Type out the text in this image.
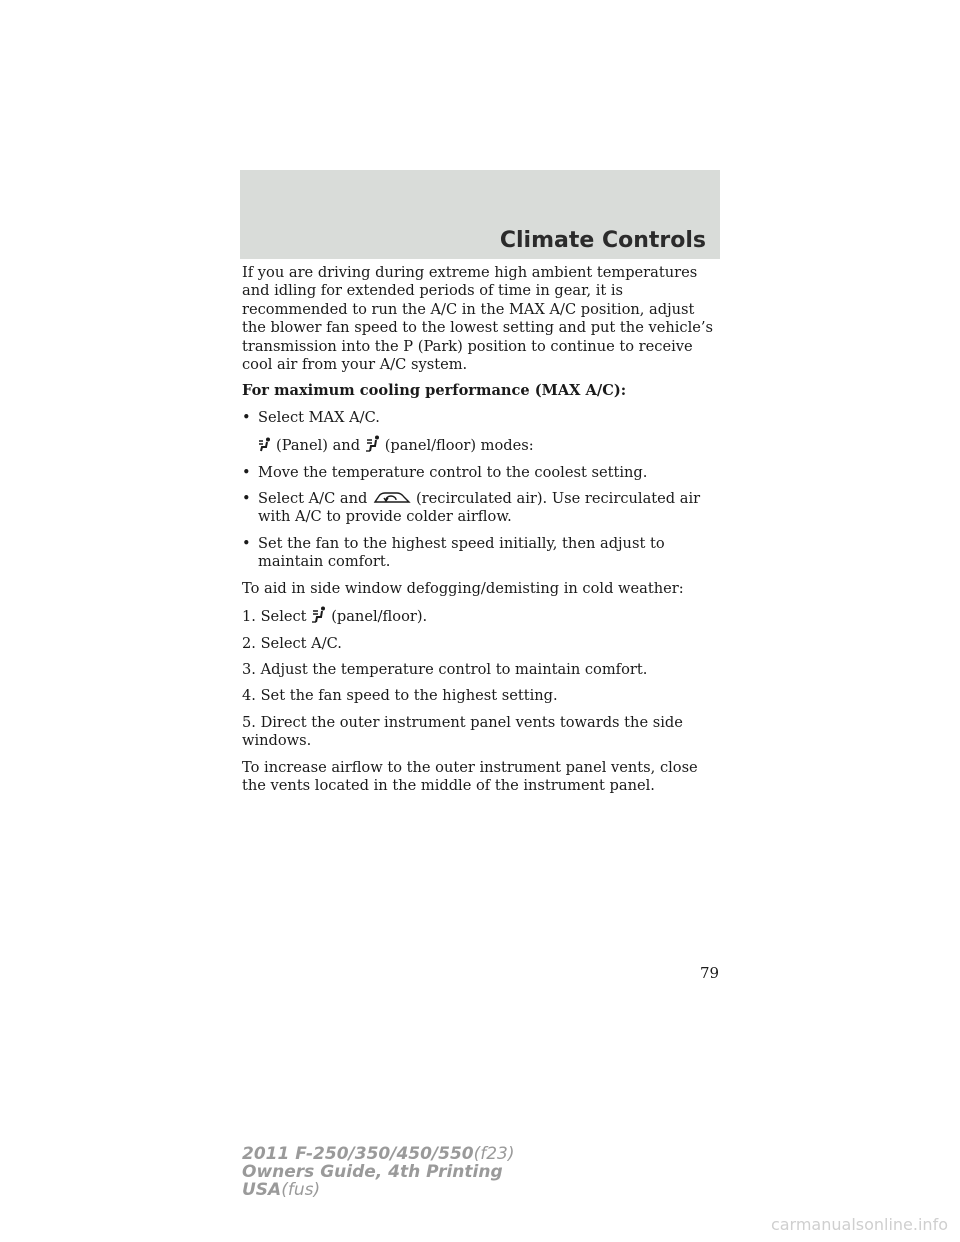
Climate Controls

If you are driving during extreme high ambient temperatures and idling for extended periods of time in gear, it is recommended to run the A/C in the MAX A/C position, adjust the blower fan speed to the lowest setting and put the vehicle’s transmission into the P (Park) position to continue to receive cool air from your A/C system.

For maximum cooling performance (MAX A/C):

• Select MAX A/C.
(Panel) and (panel/floor) modes:
• Move the temperature control to the coolest setting.
• Select A/C and	(recirculated air). Use recirculated air with A/C to provide colder airflow.
• Set the fan to the highest speed initially, then adjust to maintain comfort.

To aid in side window defogging/demisting in cold weather:

1. Select (panel/floor).

2. Select A/C.

3. Adjust the temperature control to maintain comfort.

4. Set the fan speed to the highest setting.

5. Direct the outer instrument panel vents towards the side windows.

To increase airflow to the outer instrument panel vents, close the vents located in the middle of the instrument panel.

79
2011 F-250/350/450/550(f23)
Owners Guide, 4th Printing
USA(fus)
carmanualsonline.info
